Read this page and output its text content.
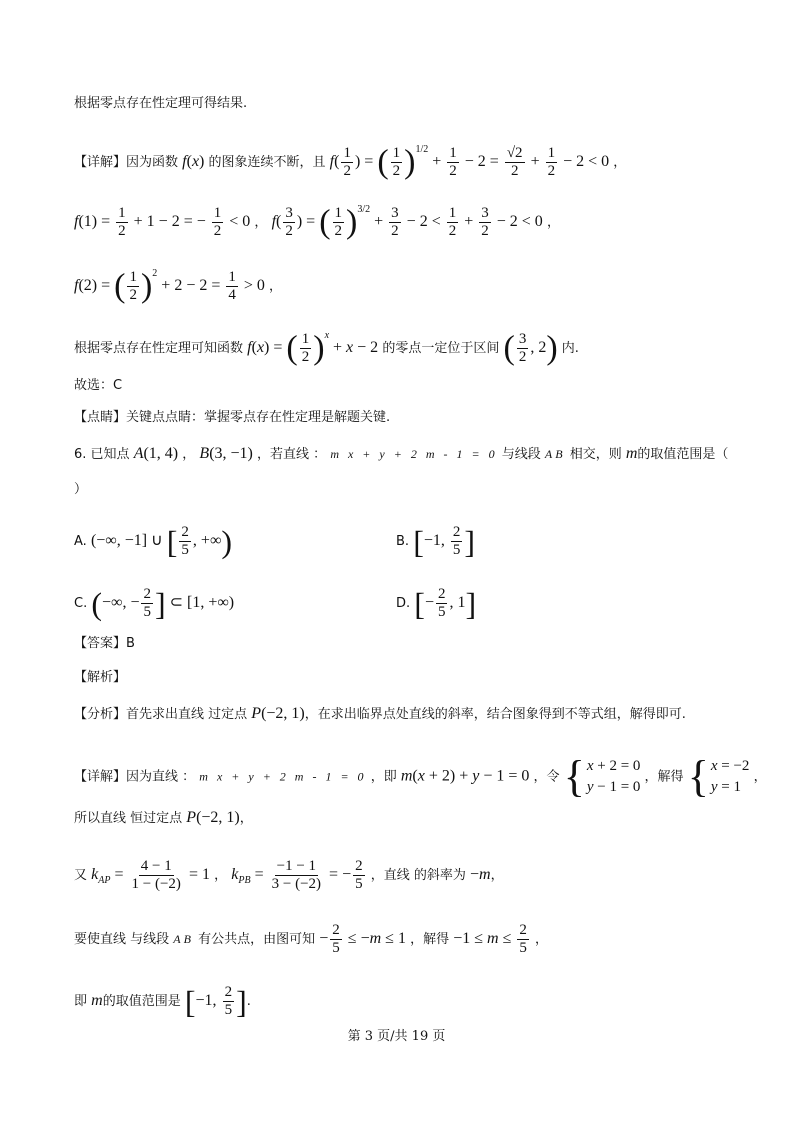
根据零点存在性定理可得结果.
【详解】因为函数 f(x) 的图象连续不断，且 $f( \frac{1}{2}$ ) = ( $\frac{1}{2} )^{1/2} + \frac{1}{2} - 2 = \frac{√2}{2} + \frac{1}{2} - 2 < 0$ ，
$f(1) = \frac{1}{2} + 1 - 2$ = − $\frac{1}{2} < 0$ ， $f( \frac{3}{2}$ ) = ( $\frac{1}{2} )^{3/2} + \frac{3}{2} - 2 < \frac{1}{2} + \frac{3}{2} - 2 < 0$ ，
f(2) = ( $\frac{1}{2} )^2 + 2 - 2 = \frac{1}{4} > 0$ ，
根据零点存在性定理可知函数 f(x) = ( $\frac{1}{2} )^x + x - 2$ 的零点一定位于区间 ( $\frac{3}{2}$ , 2) 内.
故选：C
【点睛】关键点点睛：掌握零点存在性定理是解题关键.
6. 已知点 A(1, 4) ， B(3, −1) ，若直线 ： m x + y + 2 m - 1 = 0 与线段 AB 相交，则 m的取值范围是（
）
A. (−∞, −1] ∪ [ $\frac{2}{5}$ , +∞)	B. [−1, $\frac{2}{5}$ ]
C. (−∞, − $\frac{2}{5}$ ] ⊂ [1, +∞)	D. [− $\frac{2}{5}$ , 1]
【答案】B
【解析】
【分析】首先求出直线 过定点 P(−2, 1)，在求出临界点处直线的斜率，结合图象得到不等式组，解得即可.
【详解】因为直线 ： m x + y + 2 m - 1 = 0 ，即 m(x + 2) + y − 1 = 0 ，令 { x + 2 = 0
y − 1 = 0
，解得 { x = −2
y = 1
，
所以直线 恒过定点 P(−2, 1)，
又 $k_{AP} = \frac{4 - 1}{1 - (-2)} = 1$ ， $k_{PB} = \frac{-1 - 1}{3 - (-2)}$ = − $\frac{2}{5}$ ，直线 的斜率为 −m，
要使直线 与线段 AB 有公共点，由图可知 − $\frac{2}{5} \le -m \le 1$ ，解得 $-1 \le m \le \frac{2}{5}$ ，
即 m的取值范围是 [−1, $\frac{2}{5}$ ].
第 3 页/共 19 页
